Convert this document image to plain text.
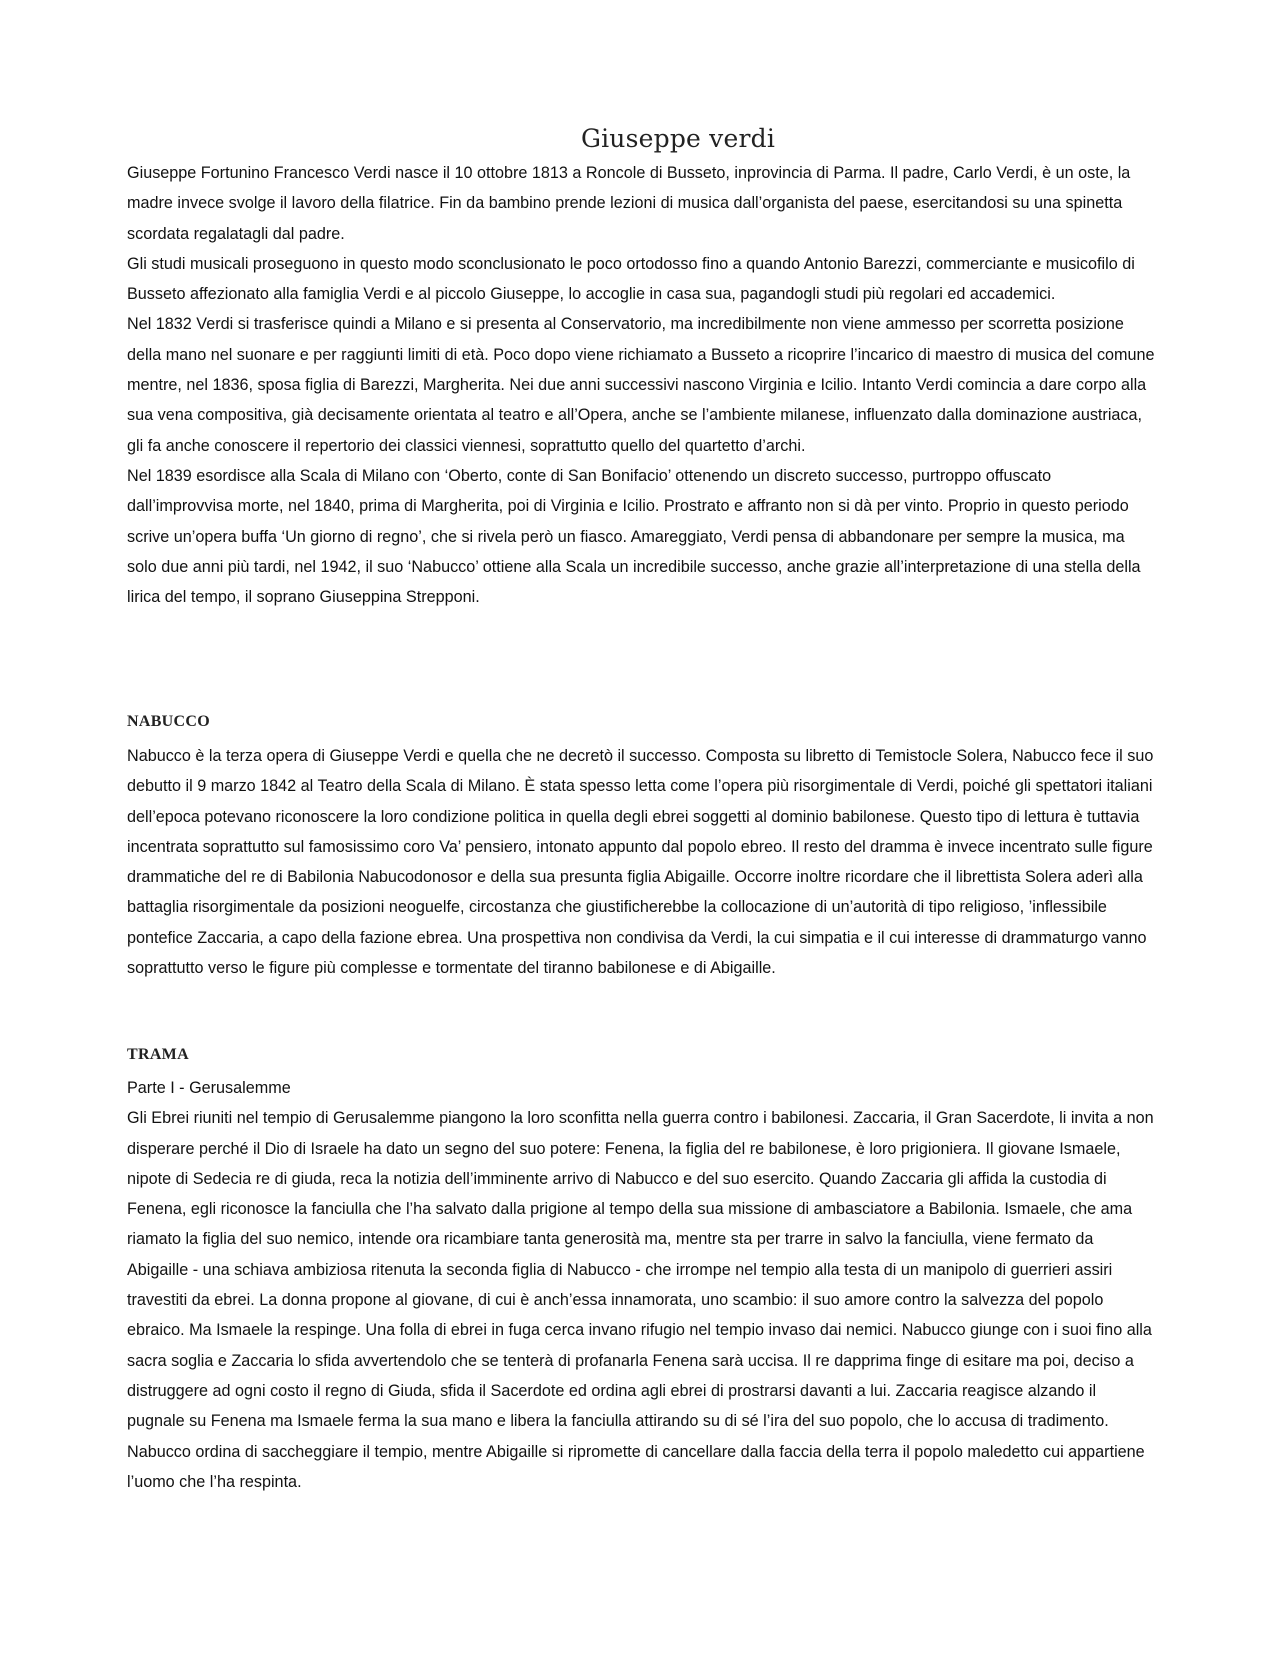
Giuseppe verdi

Giuseppe Fortunino Francesco Verdi nasce il 10 ottobre 1813 a Roncole di Busseto, inprovincia di Parma. Il padre, Carlo Verdi, è un oste, la madre invece svolge il lavoro della filatrice. Fin da bambino prende lezioni di musica dall’organista del paese, esercitandosi su una spinetta scordata regalatagli dal padre.

Gli studi musicali proseguono in questo modo sconclusionato le poco ortodosso fino a quando Antonio Barezzi, commerciante e musicofilo di Busseto affezionato alla famiglia Verdi e al piccolo Giuseppe, lo accoglie in casa sua, pagandogli studi più regolari ed accademici.

Nel 1832 Verdi si trasferisce quindi a Milano e si presenta al Conservatorio, ma incredibilmente non viene ammesso per scorretta posizione della mano nel suonare e per raggiunti limiti di età. Poco dopo viene richiamato a Busseto a ricoprire l’incarico di maestro di musica del comune mentre, nel 1836, sposa figlia di Barezzi, Margherita. Nei due anni successivi nascono Virginia e Icilio. Intanto Verdi comincia a dare corpo alla sua vena compositiva, già decisamente orientata al teatro e all’Opera, anche se l’ambiente milanese, influenzato dalla dominazione austriaca, gli fa anche conoscere il repertorio dei classici viennesi, soprattutto quello del quartetto d’archi.

Nel 1839 esordisce alla Scala di Milano con ‘Oberto, conte di San Bonifacio’ ottenendo un discreto successo, purtroppo offuscato dall’improvvisa morte, nel 1840, prima di Margherita, poi di Virginia e Icilio. Prostrato e affranto non si dà per vinto. Proprio in questo periodo scrive un’opera buffa ‘Un giorno di regno’, che si rivela però un fiasco. Amareggiato, Verdi pensa di abbandonare per sempre la musica, ma solo due anni più tardi, nel 1942, il suo ‘Nabucco’ ottiene alla Scala un incredibile successo, anche grazie all’interpretazione di una stella della lirica del tempo, il soprano Giuseppina Strepponi.

NABUCCO

Nabucco è la terza opera di Giuseppe Verdi e quella che ne decretò il successo. Composta su libretto di Temistocle Solera, Nabucco fece il suo debutto il 9 marzo 1842 al Teatro della Scala di Milano. È stata spesso letta come l’opera più risorgimentale di Verdi, poiché gli spettatori italiani dell’epoca potevano riconoscere la loro condizione politica in quella degli ebrei soggetti al dominio babilonese. Questo tipo di lettura è tuttavia incentrata soprattutto sul famosissimo coro Va’ pensiero, intonato appunto dal popolo ebreo. Il resto del dramma è invece incentrato sulle figure drammatiche del re di Babilonia Nabucodonosor e della sua presunta figlia Abigaille. Occorre inoltre ricordare che il librettista Solera aderì alla battaglia risorgimentale da posizioni neoguelfe, circostanza che giustificherebbe la collocazione di un’autorità di tipo religioso, ’inflessibile pontefice Zaccaria, a capo della fazione ebrea. Una prospettiva non condivisa da Verdi, la cui simpatia e il cui interesse di drammaturgo vanno soprattutto verso le figure più complesse e tormentate del tiranno babilonese e di Abigaille.

TRAMA

Parte I - Gerusalemme

Gli Ebrei riuniti nel tempio di Gerusalemme piangono la loro sconfitta nella guerra contro i babilonesi. Zaccaria, il Gran Sacerdote, li invita a non disperare perché il Dio di Israele ha dato un segno del suo potere: Fenena, la figlia del re babilonese, è loro prigioniera. Il giovane Ismaele, nipote di Sedecia re di giuda, reca la notizia dell’imminente arrivo di Nabucco e del suo esercito. Quando Zaccaria gli affida la custodia di Fenena, egli riconosce la fanciulla che l’ha salvato dalla prigione al tempo della sua missione di ambasciatore a Babilonia. Ismaele, che ama riamato la figlia del suo nemico, intende ora ricambiare tanta generosità ma, mentre sta per trarre in salvo la fanciulla, viene fermato da Abigaille - una schiava ambiziosa ritenuta la seconda figlia di Nabucco - che irrompe nel tempio alla testa di un manipolo di guerrieri assiri travestiti da ebrei. La donna propone al giovane, di cui è anch’essa innamorata, uno scambio: il suo amore contro la salvezza del popolo ebraico. Ma Ismaele la respinge. Una folla di ebrei in fuga cerca invano rifugio nel tempio invaso dai nemici. Nabucco giunge con i suoi fino alla sacra soglia e Zaccaria lo sfida avvertendolo che se tenterà di profanarla Fenena sarà uccisa. Il re dapprima finge di esitare ma poi, deciso a distruggere ad ogni costo il regno di Giuda, sfida il Sacerdote ed ordina agli ebrei di prostrarsi davanti a lui. Zaccaria reagisce alzando il pugnale su Fenena ma Ismaele ferma la sua mano e libera la fanciulla attirando su di sé l’ira del suo popolo, che lo accusa di tradimento. Nabucco ordina di saccheggiare il tempio, mentre Abigaille si ripromette di cancellare dalla faccia della terra il popolo maledetto cui appartiene l’uomo che l’ha respinta.
